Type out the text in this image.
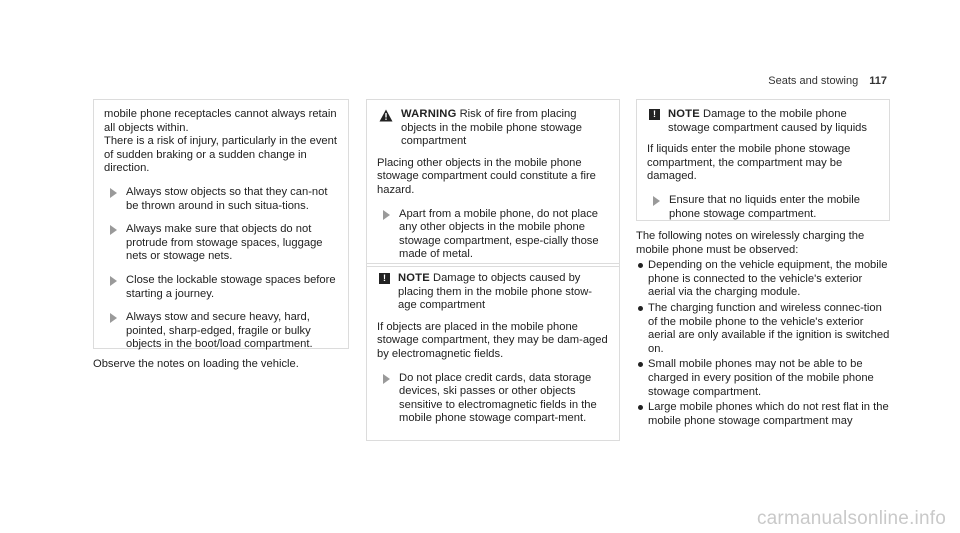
Seats and stowing 117

mobile phone receptacles cannot always retain all objects within.

There is a risk of injury, particularly in the event of sudden braking or a sudden change in direction.

Always stow objects so that they can-not be thrown around in such situa-tions.
Always make sure that objects do not protrude from stowage spaces, luggage nets or stowage nets.
Close the lockable stowage spaces before starting a journey.
Always stow and secure heavy, hard, pointed, sharp-edged, fragile or bulky objects in the boot/load compartment.

Observe the notes on loading the vehicle.

WARNING Risk of fire from placing objects in the mobile phone stowage compartment

Placing other objects in the mobile phone stowage compartment could constitute a fire hazard.

Apart from a mobile phone, do not place any other objects in the mobile phone stowage compartment, espe-cially those made of metal.
!	NOTE Damage to objects caused by placing them in the mobile phone stow-age compartment

If objects are placed in the mobile phone stowage compartment, they may be dam-aged by electromagnetic fields.

Do not place credit cards, data storage devices, ski passes or other objects sensitive to electromagnetic fields in the mobile phone stowage compart-ment.
!	NOTE Damage to the mobile phone stowage compartment caused by liquids

If liquids enter the mobile phone stowage compartment, the compartment may be damaged.

Ensure that no liquids enter the mobile phone stowage compartment.

The following notes on wirelessly charging the mobile phone must be observed:

Depending on the vehicle equipment, the mobile phone is connected to the vehicle's exterior aerial via the charging module.
The charging function and wireless connec-tion of the mobile phone to the vehicle's exterior aerial are only available if the ignition is switched on.
Small mobile phones may not be able to be charged in every position of the mobile phone stowage compartment.
Large mobile phones which do not rest flat in the mobile phone stowage compartment may
carmanualsonline.info
